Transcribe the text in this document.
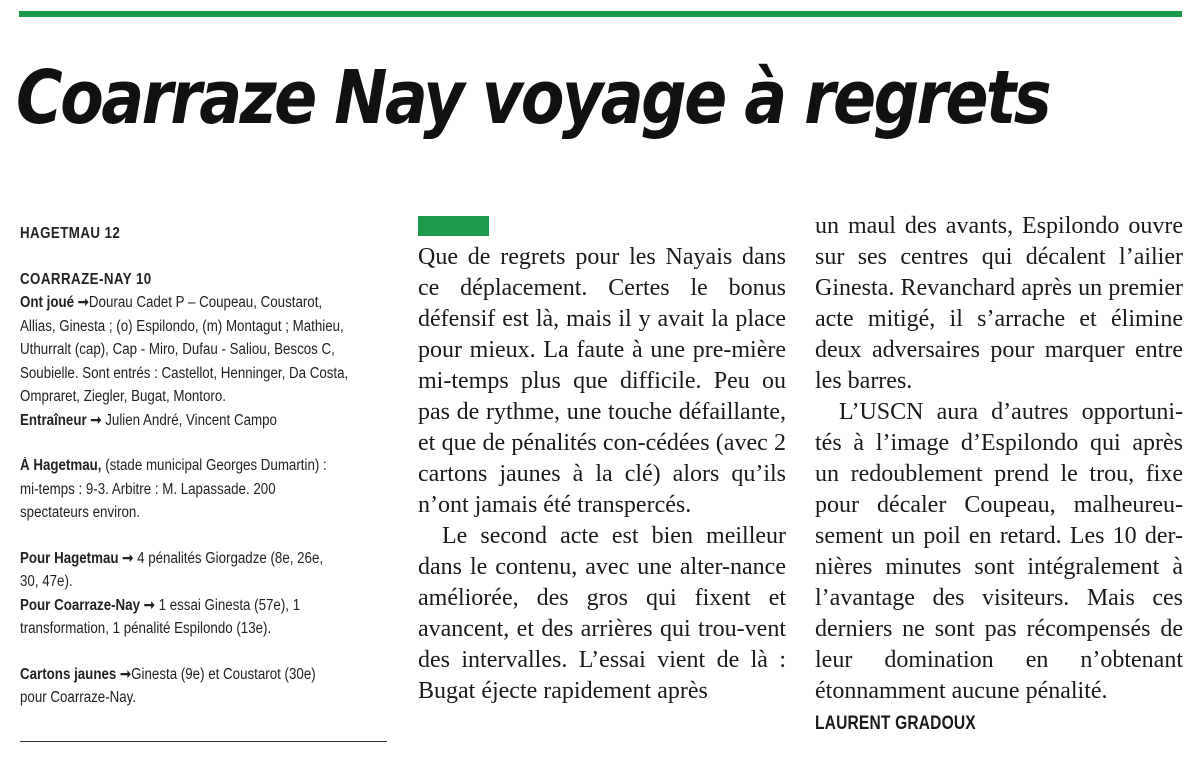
Coarraze Nay voyage à regrets
HAGETMAU 12
COARRAZE-NAY 10
Ont joué ➞Dourau Cadet P – Coupeau, Coustarot,
Allias, Ginesta ; (o) Espilondo, (m) Montagut ; Mathieu,
Uthurralt (cap), Cap - Miro, Dufau - Saliou, Bescos C,
Soubielle. Sont entrés : Castellot, Henninger, Da Costa,
Ompraret, Ziegler, Bugat, Montoro.
Entraîneur ➞ Julien André, Vincent Campo
À Hagetmau, (stade municipal Georges Dumartin) :
mi-temps : 9-3. Arbitre : M. Lapassade. 200
spectateurs environ.
Pour Hagetmau ➞ 4 pénalités Giorgadze (8e, 26e,
30, 47e).
Pour Coarraze-Nay ➞ 1 essai Ginesta (57e), 1
transformation, 1 pénalité Espilondo (13e).
Cartons jaunes ➞Ginesta (9e) et Coustarot (30e)
pour Coarraze-Nay.

Que de regrets pour les Nayais dans ce déplacement. Certes le bonus défensif est là, mais il y avait la place pour mieux. La faute à une pre-mière mi-temps plus que difficile. Peu ou pas de rythme, une touche défaillante, et que de pénalités con-cédées (avec 2 cartons jaunes à la clé) alors qu’ils n’ont jamais été transpercés.

Le second acte est bien meilleur dans le contenu, avec une alter-nance améliorée, des gros qui fixent et avancent, et des arrières qui trou-vent des intervalles. L’essai vient de là : Bugat éjecte rapidement après

un maul des avants, Espilondo ouvre sur ses centres qui décalent l’ailier Ginesta. Revanchard après un premier acte mitigé, il s’arrache et élimine deux adversaires pour marquer entre les barres.

L’USCN aura d’autres opportuni-tés à l’image d’Espilondo qui après un redoublement prend le trou, fixe pour décaler Coupeau, malheureu-sement un poil en retard. Les 10 der-nières minutes sont intégralement à l’avantage des visiteurs. Mais ces derniers ne sont pas récompensés de leur domination en n’obtenant étonnamment aucune pénalité.

LAURENT GRADOUX
